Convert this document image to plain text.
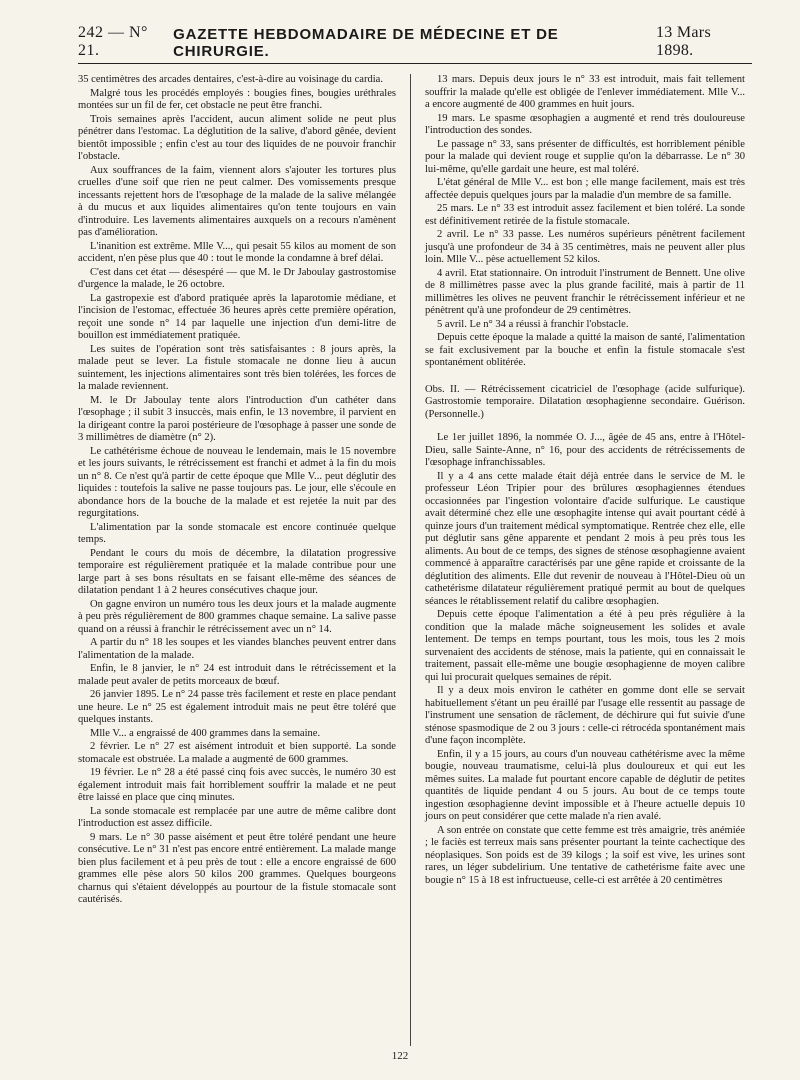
242 — N° 21.
GAZETTE HEBDOMADAIRE DE MÉDECINE ET DE CHIRURGIE.
13 Mars 1898.

35 centimètres des arcades dentaires, c'est-à-dire au voisinage du cardia.

Malgré tous les procédés employés : bougies fines, bougies uréthrales montées sur un fil de fer, cet obstacle ne peut être franchi.

Trois semaines après l'accident, aucun aliment solide ne peut plus pénétrer dans l'estomac. La déglutition de la salive, d'abord gênée, devient bientôt impossible ; enfin c'est au tour des liquides de ne pouvoir franchir l'obstacle.

Aux souffrances de la faim, viennent alors s'ajouter les tortures plus cruelles d'une soif que rien ne peut calmer. Des vomissements presque incessants rejettent hors de l'œsophage de la malade de la salive mélangée à du mucus et aux liquides alimentaires qu'on tente toujours en vain d'introduire. Les lavements alimentaires auxquels on a recours n'amènent pas d'amélioration.

L'inanition est extrême. Mlle V..., qui pesait 55 kilos au moment de son accident, n'en pèse plus que 40 : tout le monde la condamne à bref délai.

C'est dans cet état — désespéré — que M. le Dr Jaboulay gastrostomise d'urgence la malade, le 26 octobre.

La gastropexie est d'abord pratiquée après la laparotomie médiane, et l'incision de l'estomac, effectuée 36 heures après cette première opération, reçoit une sonde n° 14 par laquelle une injection d'un demi-litre de bouillon est immédiatement pratiquée.

Les suites de l'opération sont très satisfaisantes : 8 jours après, la malade peut se lever. La fistule stomacale ne donne lieu à aucun suintement, les injections alimentaires sont très bien tolérées, les forces de la malade reviennent.

M. le Dr Jaboulay tente alors l'introduction d'un cathéter dans l'œsophage ; il subit 3 insuccès, mais enfin, le 13 novembre, il parvient en la dirigeant contre la paroi postérieure de l'œsophage à passer une sonde de 3 millimètres de diamètre (n° 2).

Le cathétérisme échoue de nouveau le lendemain, mais le 15 novembre et les jours suivants, le rétrécissement est franchi et admet à la fin du mois un n° 8. Ce n'est qu'à partir de cette époque que Mlle V... peut déglutir des liquides : toutefois la salive ne passe toujours pas. Le jour, elle s'écoule en abondance hors de la bouche de la malade et est rejetée la nuit par des regurgitations.

L'alimentation par la sonde stomacale est encore continuée quelque temps.

Pendant le cours du mois de décembre, la dilatation progressive temporaire est régulièrement pratiquée et la malade contribue pour une large part à ses bons résultats en se faisant elle-même des séances de dilatation pendant 1 à 2 heures consécutives chaque jour.

On gagne environ un numéro tous les deux jours et la malade augmente à peu près régulièrement de 800 grammes chaque semaine. La salive passe quand on a réussi à franchir le rétrécissement avec un n° 14.

A partir du n° 18 les soupes et les viandes blanches peuvent entrer dans l'alimentation de la malade.

Enfin, le 8 janvier, le n° 24 est introduit dans le rétrécissement et la malade peut avaler de petits morceaux de bœuf.

26 janvier 1895. Le n° 24 passe très facilement et reste en place pendant une heure. Le n° 25 est également introduit mais ne peut être toléré que quelques instants.

Mlle V... a engraissé de 400 grammes dans la semaine.

2 février. Le n° 27 est aisément introduit et bien supporté. La sonde stomacale est obstruée. La malade a augmenté de 600 grammes.

19 février. Le n° 28 a été passé cinq fois avec succès, le numéro 30 est également introduit mais fait horriblement souffrir la malade et ne peut être laissé en place que cinq minutes.

La sonde stomacale est remplacée par une autre de même calibre dont l'introduction est assez difficile.

9 mars. Le n° 30 passe aisément et peut être toléré pendant une heure consécutive. Le n° 31 n'est pas encore entré entièrement. La malade mange bien plus facilement et à peu près de tout : elle a encore engraissé de 600 grammes elle pèse alors 50 kilos 200 grammes. Quelques bourgeons charnus qui s'étaient développés au pourtour de la fistule stomacale sont cautérisés.

13 mars. Depuis deux jours le n° 33 est introduit, mais fait tellement souffrir la malade qu'elle est obligée de l'enlever immédiatement. Mlle V... a encore augmenté de 400 grammes en huit jours.

19 mars. Le spasme œsophagien a augmenté et rend très douloureuse l'introduction des sondes.

Le passage n° 33, sans présenter de difficultés, est horriblement pénible pour la malade qui devient rouge et supplie qu'on la débarrasse. Le n° 30 lui-même, qu'elle gardait une heure, est mal toléré.

L'état général de Mlle V... est bon ; elle mange facilement, mais est très affectée depuis quelques jours par la maladie d'un membre de sa famille.

25 mars. Le n° 33 est introduit assez facilement et bien toléré. La sonde est définitivement retirée de la fistule stomacale.

2 avril. Le n° 33 passe. Les numéros supérieurs pénètrent facilement jusqu'à une profondeur de 34 à 35 centimètres, mais ne peuvent aller plus loin. Mlle V... pèse actuellement 52 kilos.

4 avril. Etat stationnaire. On introduit l'instrument de Bennett. Une olive de 8 millimètres passe avec la plus grande facilité, mais à partir de 11 millimètres les olives ne peuvent franchir le rétrécissement inférieur et ne pénètrent qu'à une profondeur de 29 centimètres.

5 avril. Le n° 34 a réussi à franchir l'obstacle.

Depuis cette époque la malade a quitté la maison de santé, l'alimentation se fait exclusivement par la bouche et enfin la fistule stomacale s'est spontanément oblitérée.

Obs. II. — Rétrécissement cicatriciel de l'œsophage (acide sulfurique). Gastrostomie temporaire. Dilatation œsophagienne secondaire. Guérison. (Personnelle.)

Le 1er juillet 1896, la nommée O. J..., âgée de 45 ans, entre à l'Hôtel-Dieu, salle Sainte-Anne, n° 16, pour des accidents de rétrécissements de l'œsophage infranchissables.

Il y a 4 ans cette malade était déjà entrée dans le service de M. le professeur Léon Tripier pour des brûlures œsophagiennes étendues occasionnées par l'ingestion volontaire d'acide sulfurique. Le caustique avait déterminé chez elle une œsophagite intense qui avait pourtant cédé à quinze jours d'un traitement médical symptomatique. Rentrée chez elle, elle put déglutir sans gêne apparente et pendant 2 mois à peu près tous les aliments. Au bout de ce temps, des signes de sténose œsophagienne avaient commencé à apparaître caractérisés par une gêne rapide et croissante de la déglutition des aliments. Elle dut revenir de nouveau à l'Hôtel-Dieu où un cathetérisme dilatateur régulièrement pratiqué permit au bout de quelques séances le rétablissement relatif du calibre œsophagien.

Depuis cette époque l'alimentation a été à peu près régulière à la condition que la malade mâche soigneusement les solides et avale lentement. De temps en temps pourtant, tous les mois, tous les 2 mois survenaient des accidents de sténose, mais la patiente, qui en connaissait le traitement, passait elle-même une bougie œsophagienne de moyen calibre qui lui procurait quelques semaines de répit.

Il y a deux mois environ le cathéter en gomme dont elle se servait habituellement s'étant un peu éraillé par l'usage elle ressentit au passage de l'instrument une sensation de râclement, de déchirure qui fut suivie d'une sténose spasmodique de 2 ou 3 jours : celle-ci rétrocéda spontanément mais d'une façon incomplète.

Enfin, il y a 15 jours, au cours d'un nouveau cathétérisme avec la même bougie, nouveau traumatisme, celui-là plus douloureux et qui eut les mêmes suites. La malade fut pourtant encore capable de déglutir de petites quantités de liquide pendant 4 ou 5 jours. Au bout de ce temps toute ingestion œsophagienne devint impossible et à l'heure actuelle depuis 10 jours on peut considérer que cette malade n'a rien avalé.

A son entrée on constate que cette femme est très amaigrie, très anémiée ; le faciès est terreux mais sans présenter pourtant la teinte cachectique des néoplasiques. Son poids est de 39 kilogs ; la soif est vive, les urines sont rares, un léger subdelirium. Une tentative de cathetérisme faite avec une bougie n° 15 à 18 est infructueuse, celle-ci est arrêtée à 20 centimètres

122
